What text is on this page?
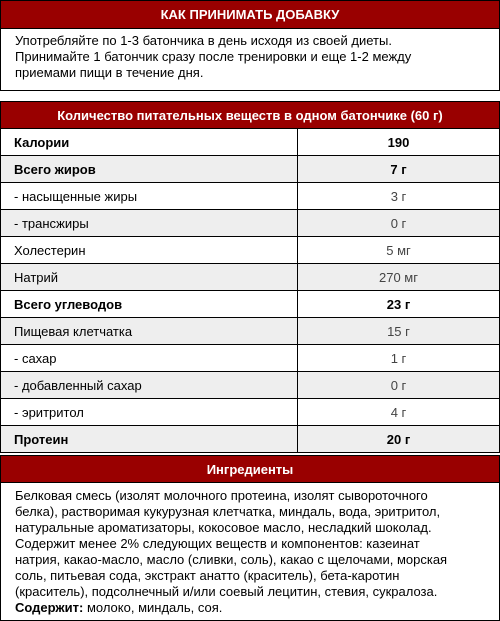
КАК ПРИНИМАТЬ ДОБАВКУ
Употребляйте по 1-3 батончика в день исходя из своей диеты.
Принимайте 1 батончик сразу после тренировки и еще 1-2 между
приемами пищи в течение дня.
Количество питательных веществ в одном батончике (60 г)
Калории	190
Всего жиров	7 г
- насыщенные жиры	3 г
- трансжиры	0 г
Холестерин	5 мг
Натрий	270 мг
Всего углеводов	23 г
Пищевая клетчатка	15 г
- сахар	1 г
- добавленный сахар	0 г
- эритритол	4 г
Протеин	20 г
Ингредиенты
Белковая смесь (изолят молочного протеина, изолят сывороточного
белка), растворимая кукурузная клетчатка, миндаль, вода, эритритол,
натуральные ароматизаторы, кокосовое масло, несладкий шоколад.
Содержит менее 2% следующих веществ и компонентов: казеинат
натрия, какао-масло, масло (сливки, соль), какао с щелочами, морская
соль, питьевая сода, экстракт анатто (краситель), бета-каротин
(краситель), подсолнечный и/или соевый лецитин, стевия, сукралоза.
Содержит: молоко, миндаль, соя.
